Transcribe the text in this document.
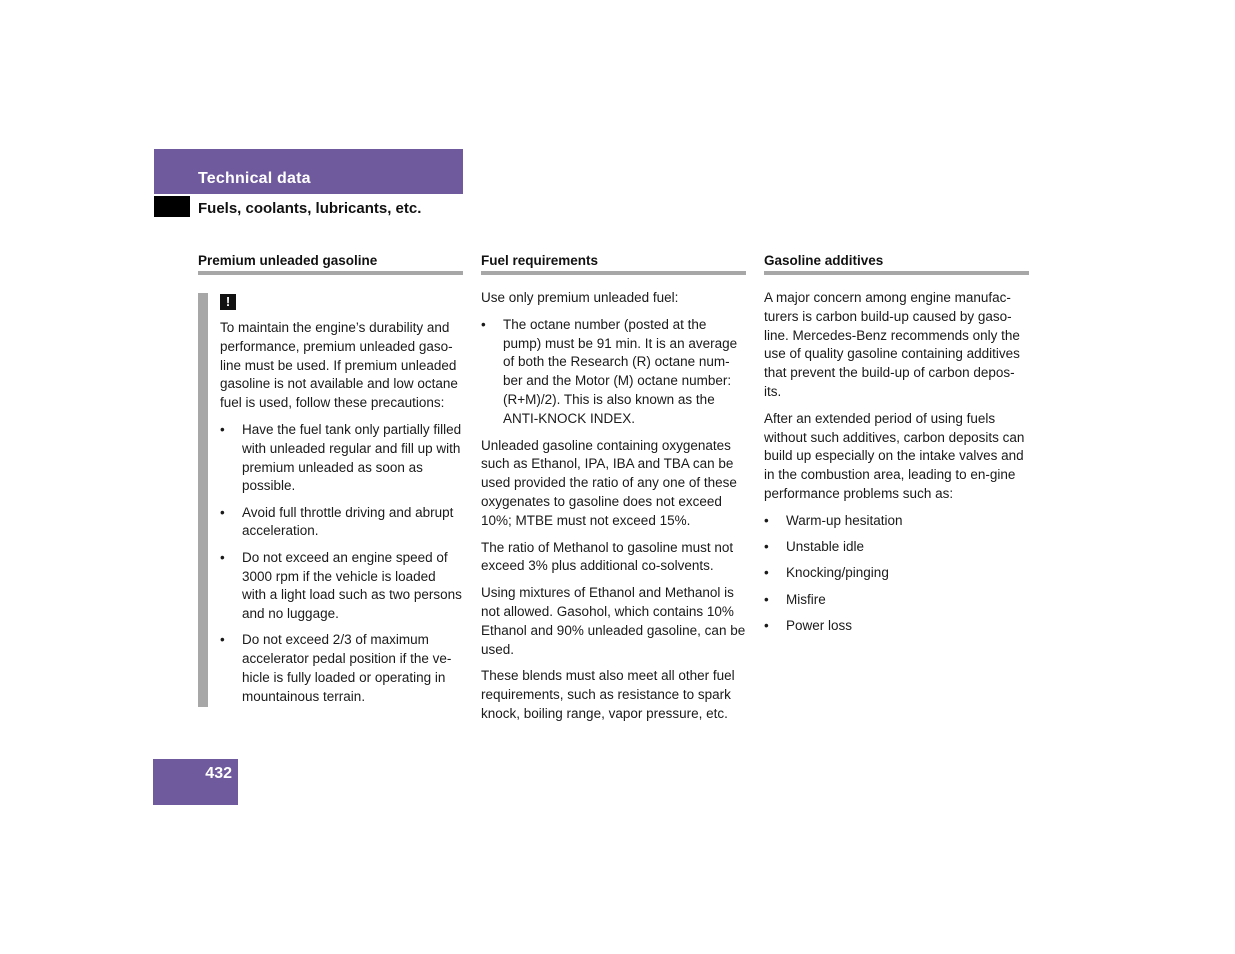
Technical data
Fuels, coolants, lubricants, etc.
Premium unleaded gasoline
!

To maintain the engine’s durability and performance, premium unleaded gaso-line must be used. If premium unleaded gasoline is not available and low octane fuel is used, follow these precautions:

• Have the fuel tank only partially filled with unleaded regular and fill up with premium unleaded as soon as possible.
• Avoid full throttle driving and abrupt acceleration.
• Do not exceed an engine speed of 3000 rpm if the vehicle is loaded with a light load such as two persons and no luggage.
• Do not exceed 2/3 of maximum accelerator pedal position if the ve-hicle is fully loaded or operating in mountainous terrain.
Fuel requirements

Use only premium unleaded fuel:

• The octane number (posted at the pump) must be 91 min. It is an average of both the Research (R) octane num-ber and the Motor (M) octane number: (R+M)/2). This is also known as the ANTI-KNOCK INDEX.

Unleaded gasoline containing oxygenates such as Ethanol, IPA, IBA and TBA can be used provided the ratio of any one of these oxygenates to gasoline does not exceed 10%; MTBE must not exceed 15%.

The ratio of Methanol to gasoline must not exceed 3% plus additional co-solvents.

Using mixtures of Ethanol and Methanol is not allowed. Gasohol, which contains 10% Ethanol and 90% unleaded gasoline, can be used.

These blends must also meet all other fuel requirements, such as resistance to spark knock, boiling range, vapor pressure, etc.

Gasoline additives

A major concern among engine manufac-turers is carbon build-up caused by gaso-line. Mercedes-Benz recommends only the use of quality gasoline containing additives that prevent the build-up of carbon depos-its.

After an extended period of using fuels without such additives, carbon deposits can build up especially on the intake valves and in the combustion area, leading to en-gine performance problems such as:

• Warm-up hesitation
• Unstable idle
• Knocking/pinging
• Misfire
• Power loss
432
